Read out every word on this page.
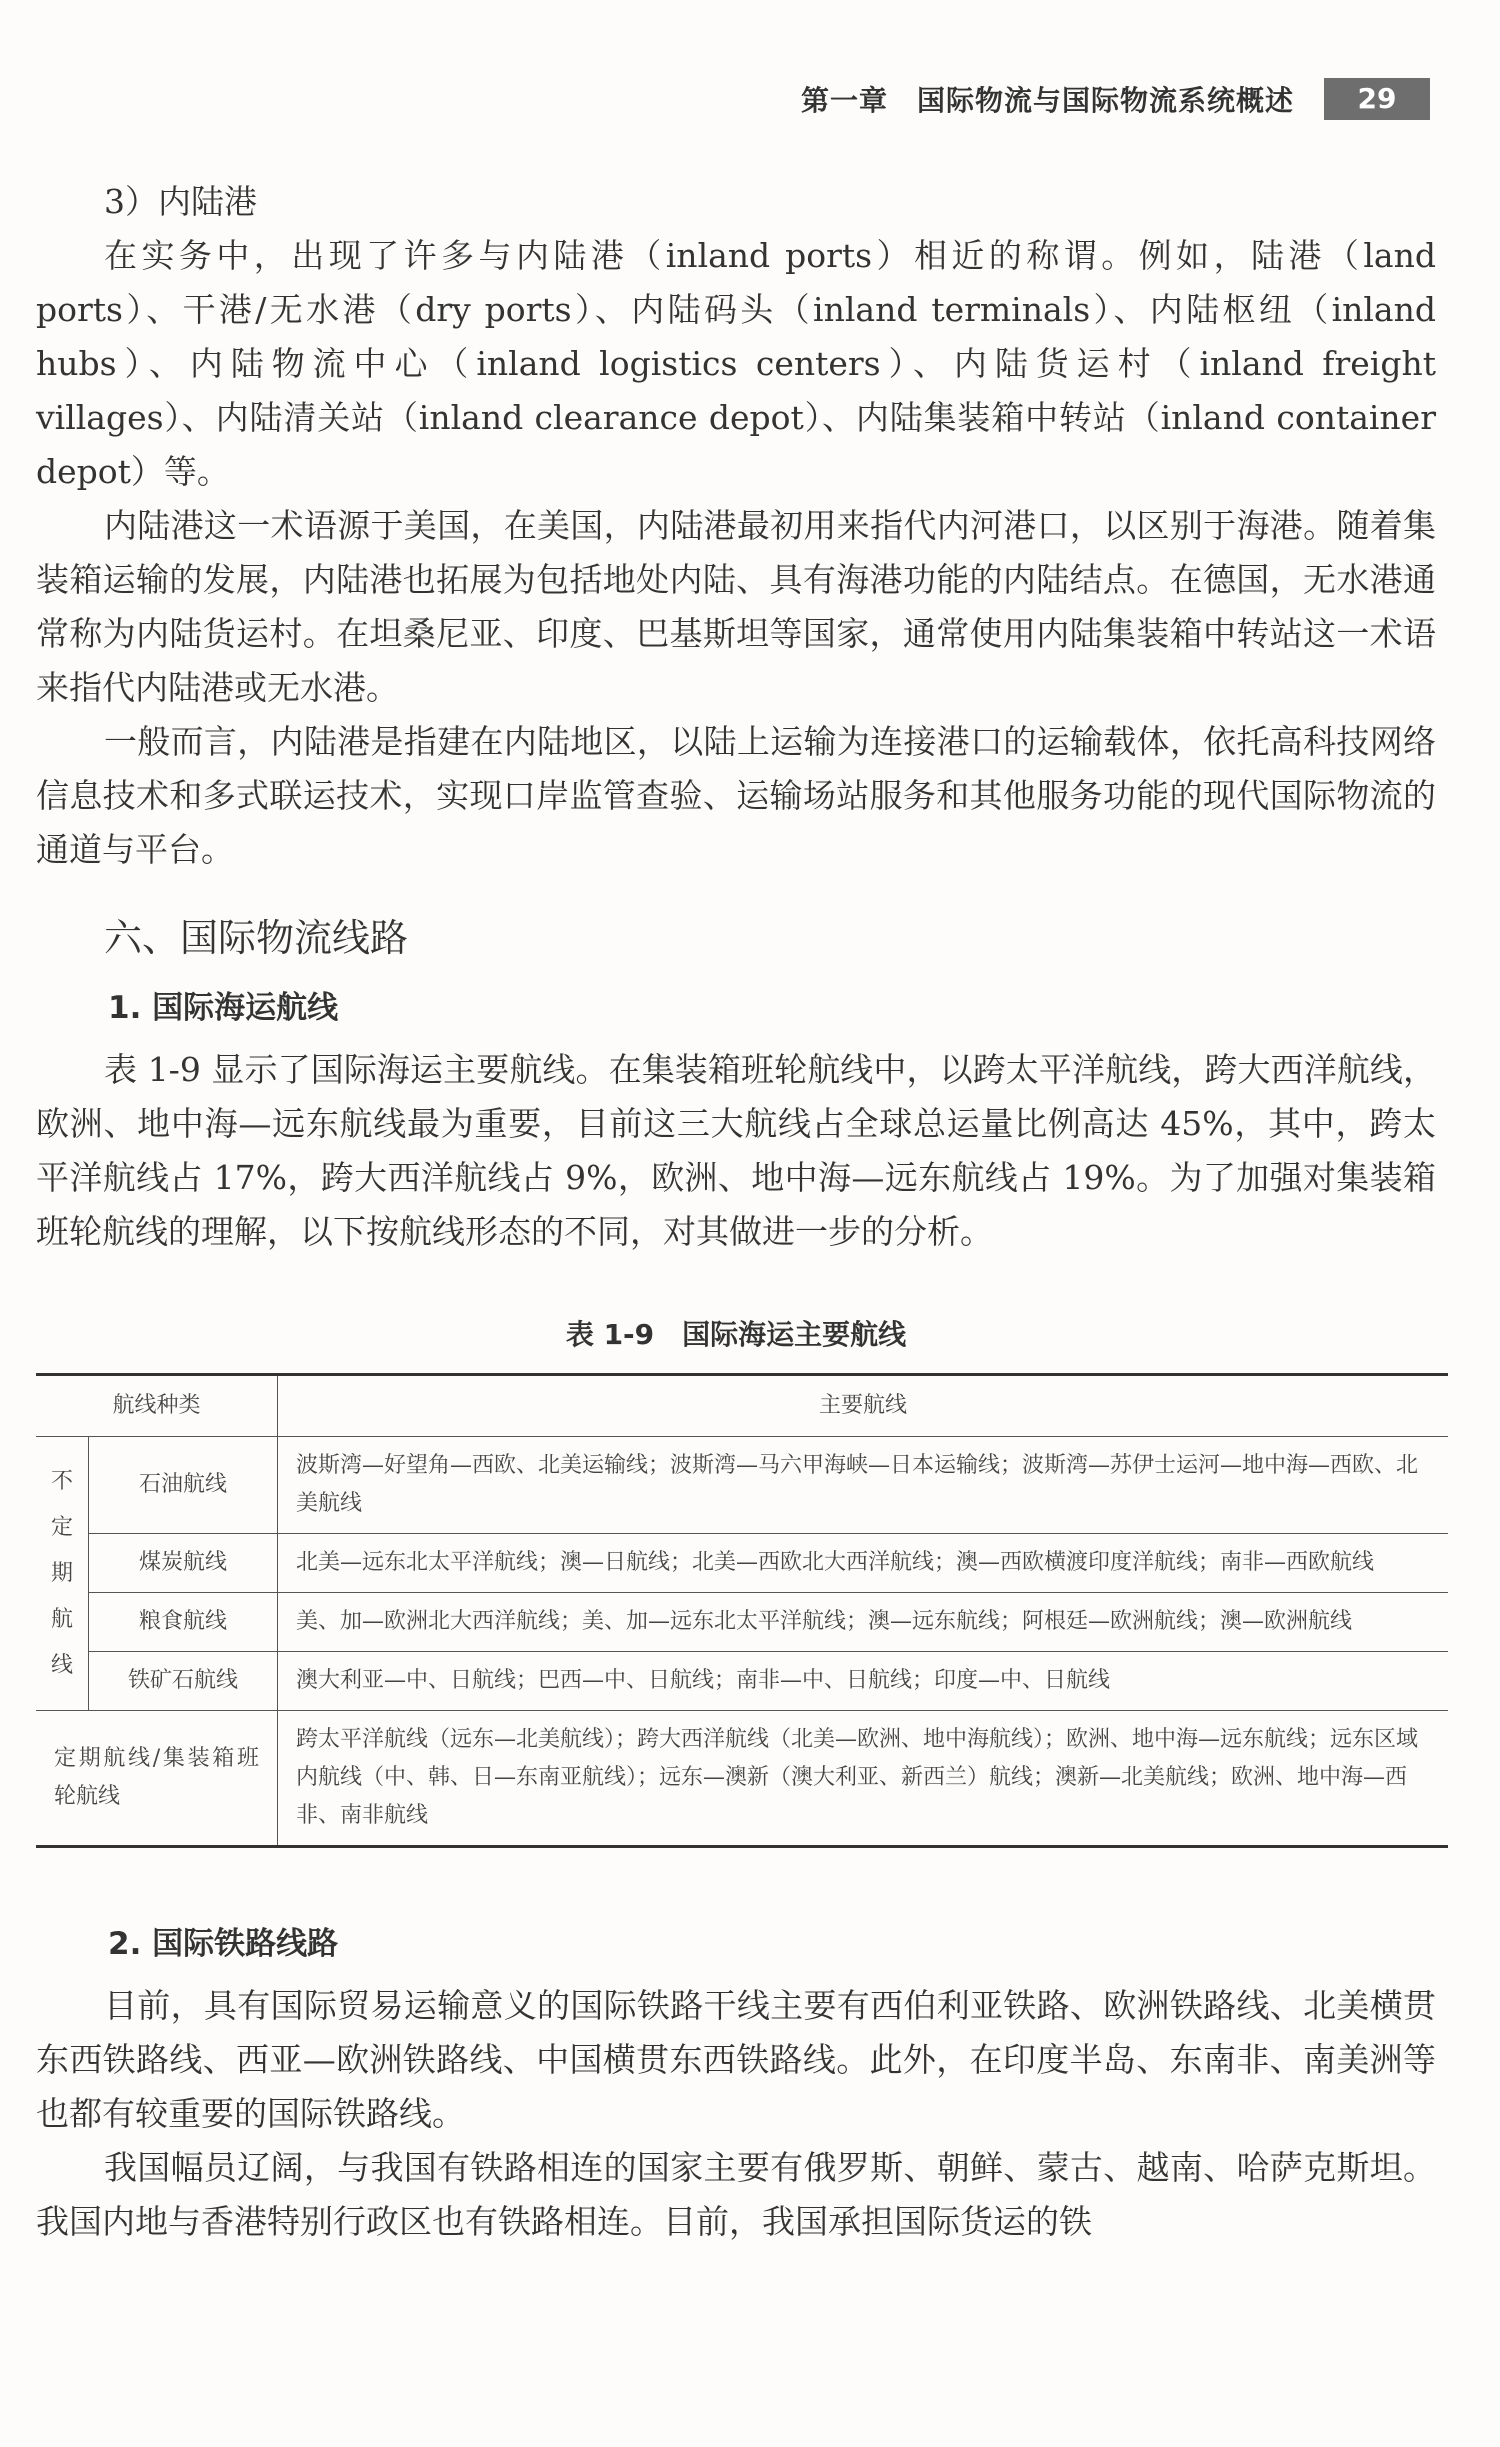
第一章　国际物流与国际物流系统概述	29

3）内陆港

在实务中，出现了许多与内陆港（inland ports）相近的称谓。例如，陆港（land ports）、干港/无水港（dry ports）、内陆码头（inland terminals）、内陆枢纽（inland hubs）、内陆物流中心（inland logistics centers）、内陆货运村（inland freight villages）、内陆清关站（inland clearance depot）、内陆集装箱中转站（inland container depot）等。

内陆港这一术语源于美国，在美国，内陆港最初用来指代内河港口，以区别于海港。随着集装箱运输的发展，内陆港也拓展为包括地处内陆、具有海港功能的内陆结点。在德国，无水港通常称为内陆货运村。在坦桑尼亚、印度、巴基斯坦等国家，通常使用内陆集装箱中转站这一术语来指代内陆港或无水港。

一般而言，内陆港是指建在内陆地区，以陆上运输为连接港口的运输载体，依托高科技网络信息技术和多式联运技术，实现口岸监管查验、运输场站服务和其他服务功能的现代国际物流的通道与平台。

六、国际物流线路
1. 国际海运航线

表 1-9 显示了国际海运主要航线。在集装箱班轮航线中，以跨太平洋航线，跨大西洋航线，欧洲、地中海—远东航线最为重要，目前这三大航线占全球总运量比例高达 45%，其中，跨太平洋航线占 17%，跨大西洋航线占 9%，欧洲、地中海—远东航线占 19%。为了加强对集装箱班轮航线的理解，以下按航线形态的不同，对其做进一步的分析。

表 1-9　国际海运主要航线
航线种类		主要航线

不
定
期
航
线	石油航线	波斯湾—好望角—西欧、北美运输线；波斯湾—马六甲海峡—日本运输线；波斯湾—苏伊士运河—地中海—西欧、北美航线
	煤炭航线	北美—远东北太平洋航线；澳—日航线；北美—西欧北大西洋航线；澳—西欧横渡印度洋航线；南非—西欧航线
	粮食航线	美、加—欧洲北大西洋航线；美、加—远东北太平洋航线；澳—远东航线；阿根廷—欧洲航线；澳—欧洲航线
	铁矿石航线	澳大利亚—中、日航线；巴西—中、日航线；南非—中、日航线；印度—中、日航线
定期航线/集装箱班轮航线		跨太平洋航线（远东—北美航线）；跨大西洋航线（北美—欧洲、地中海航线）；欧洲、地中海—远东航线；远东区域内航线（中、韩、日—东南亚航线）；远东—澳新（澳大利亚、新西兰）航线；澳新—北美航线；欧洲、地中海—西非、南非航线
2. 国际铁路线路

目前，具有国际贸易运输意义的国际铁路干线主要有西伯利亚铁路、欧洲铁路线、北美横贯东西铁路线、西亚—欧洲铁路线、中国横贯东西铁路线。此外，在印度半岛、东南非、南美洲等也都有较重要的国际铁路线。

我国幅员辽阔，与我国有铁路相连的国家主要有俄罗斯、朝鲜、蒙古、越南、哈萨克斯坦。我国内地与香港特别行政区也有铁路相连。目前，我国承担国际货运的铁
